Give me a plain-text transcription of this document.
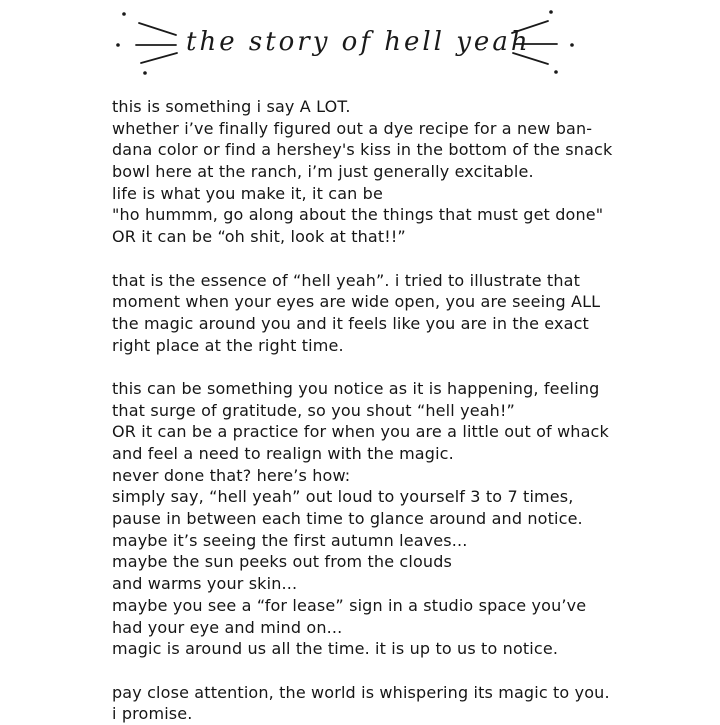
the story of hell yeah
this is something i say A LOT.
whether i’ve finally figured out a dye recipe for a new ban-
dana color or find a hershey's kiss in the bottom of the snack
bowl here at the ranch, i’m just generally excitable.
life is what you make it, it can be
"ho hummm, go along about the things that must get done"
OR it can be “oh shit, look at that!!”
that is the essence of “hell yeah”. i tried to illustrate that
moment when your eyes are wide open, you are seeing ALL
the magic around you and it feels like you are in the exact
right place at the right time.
this can be something you notice as it is happening, feeling
that surge of gratitude, so you shout “hell yeah!”
OR it can be a practice for when you are a little out of whack
and feel a need to realign with the magic.
never done that? here’s how:
simply say, “hell yeah” out loud to yourself 3 to 7 times,
pause in between each time to glance around and notice.
maybe it’s seeing the first autumn leaves...
maybe the sun peeks out from the clouds
and warms your skin...
maybe you see a “for lease” sign in a studio space you’ve
had your eye and mind on...
magic is around us all the time. it is up to us to notice.
pay close attention, the world is whispering its magic to you.
i promise.
